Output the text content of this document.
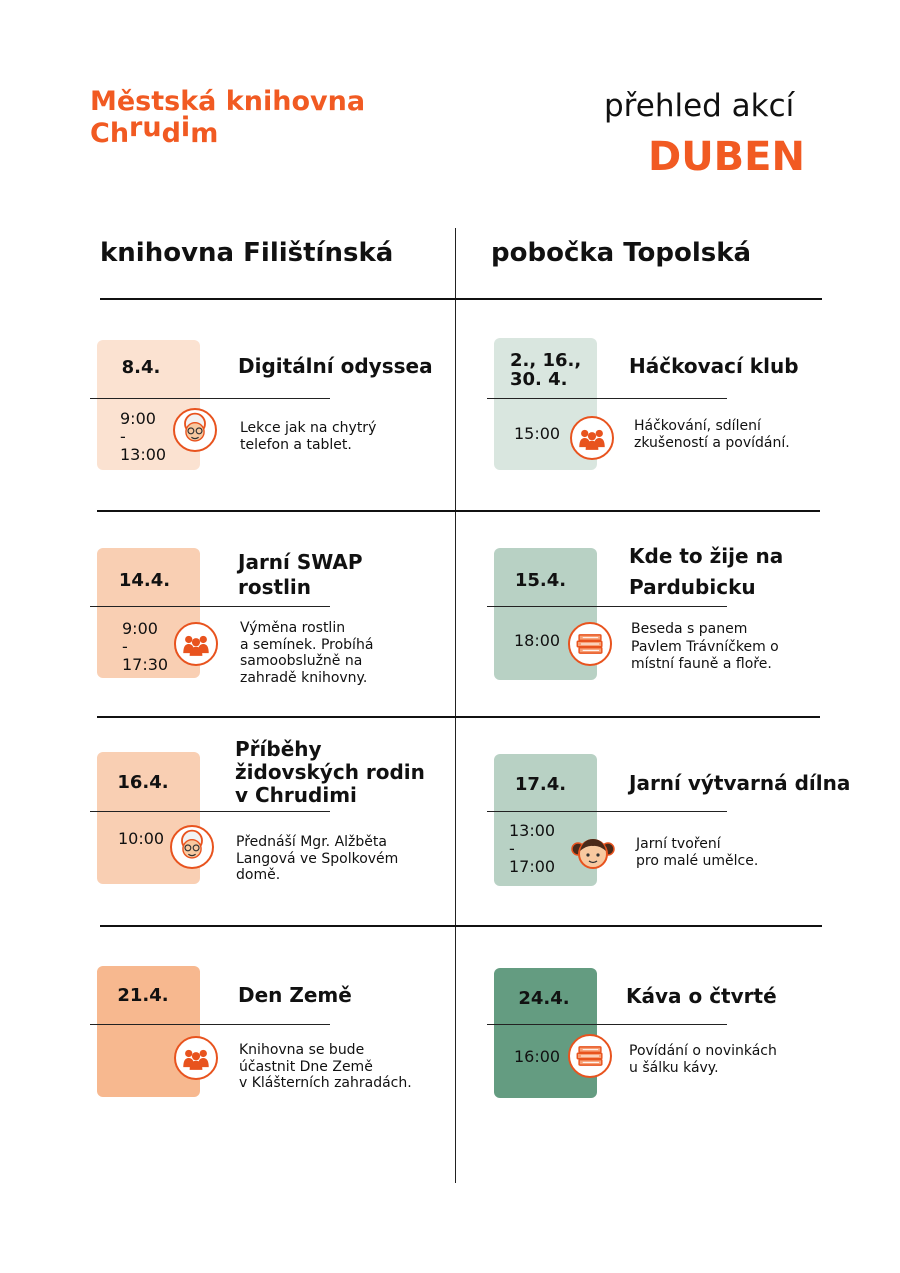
Městská knihovna
Chrudim
přehled akcí
DUBEN
knihovna Filištínská	pobočka Topolská
8.4.
9:00
-
13:00
Digitální odyssea
Lekce jak na chytrý
telefon a tablet.
14.4.
9:00
-
17:30
Jarní SWAP
rostlin
Výměna rostlin
a semínek. Probíhá
samoobslužně na
zahradě knihovny.
16.4.
10:00
Příběhy
židovských rodin
v Chrudimi
Přednáší Mgr. Alžběta
Langová ve Spolkovém
domě.
21.4.	Den Země
Knihovna se bude
účastnit Dne Země
v Klášterních zahradách.
2., 16.,
30. 4.
15:00
Háčkovací klub
Háčkování, sdílení
zkušeností a povídání.
15.4.
18:00
Kde to žije na
Pardubicku
Beseda s panem
Pavlem Trávníčkem o
místní fauně a floře.
17.4.
13:00
-
17:00
Jarní výtvarná dílna
Jarní tvoření
pro malé umělce.
24.4.
16:00
Káva o čtvrté
Povídání o novinkách
u šálku kávy.
